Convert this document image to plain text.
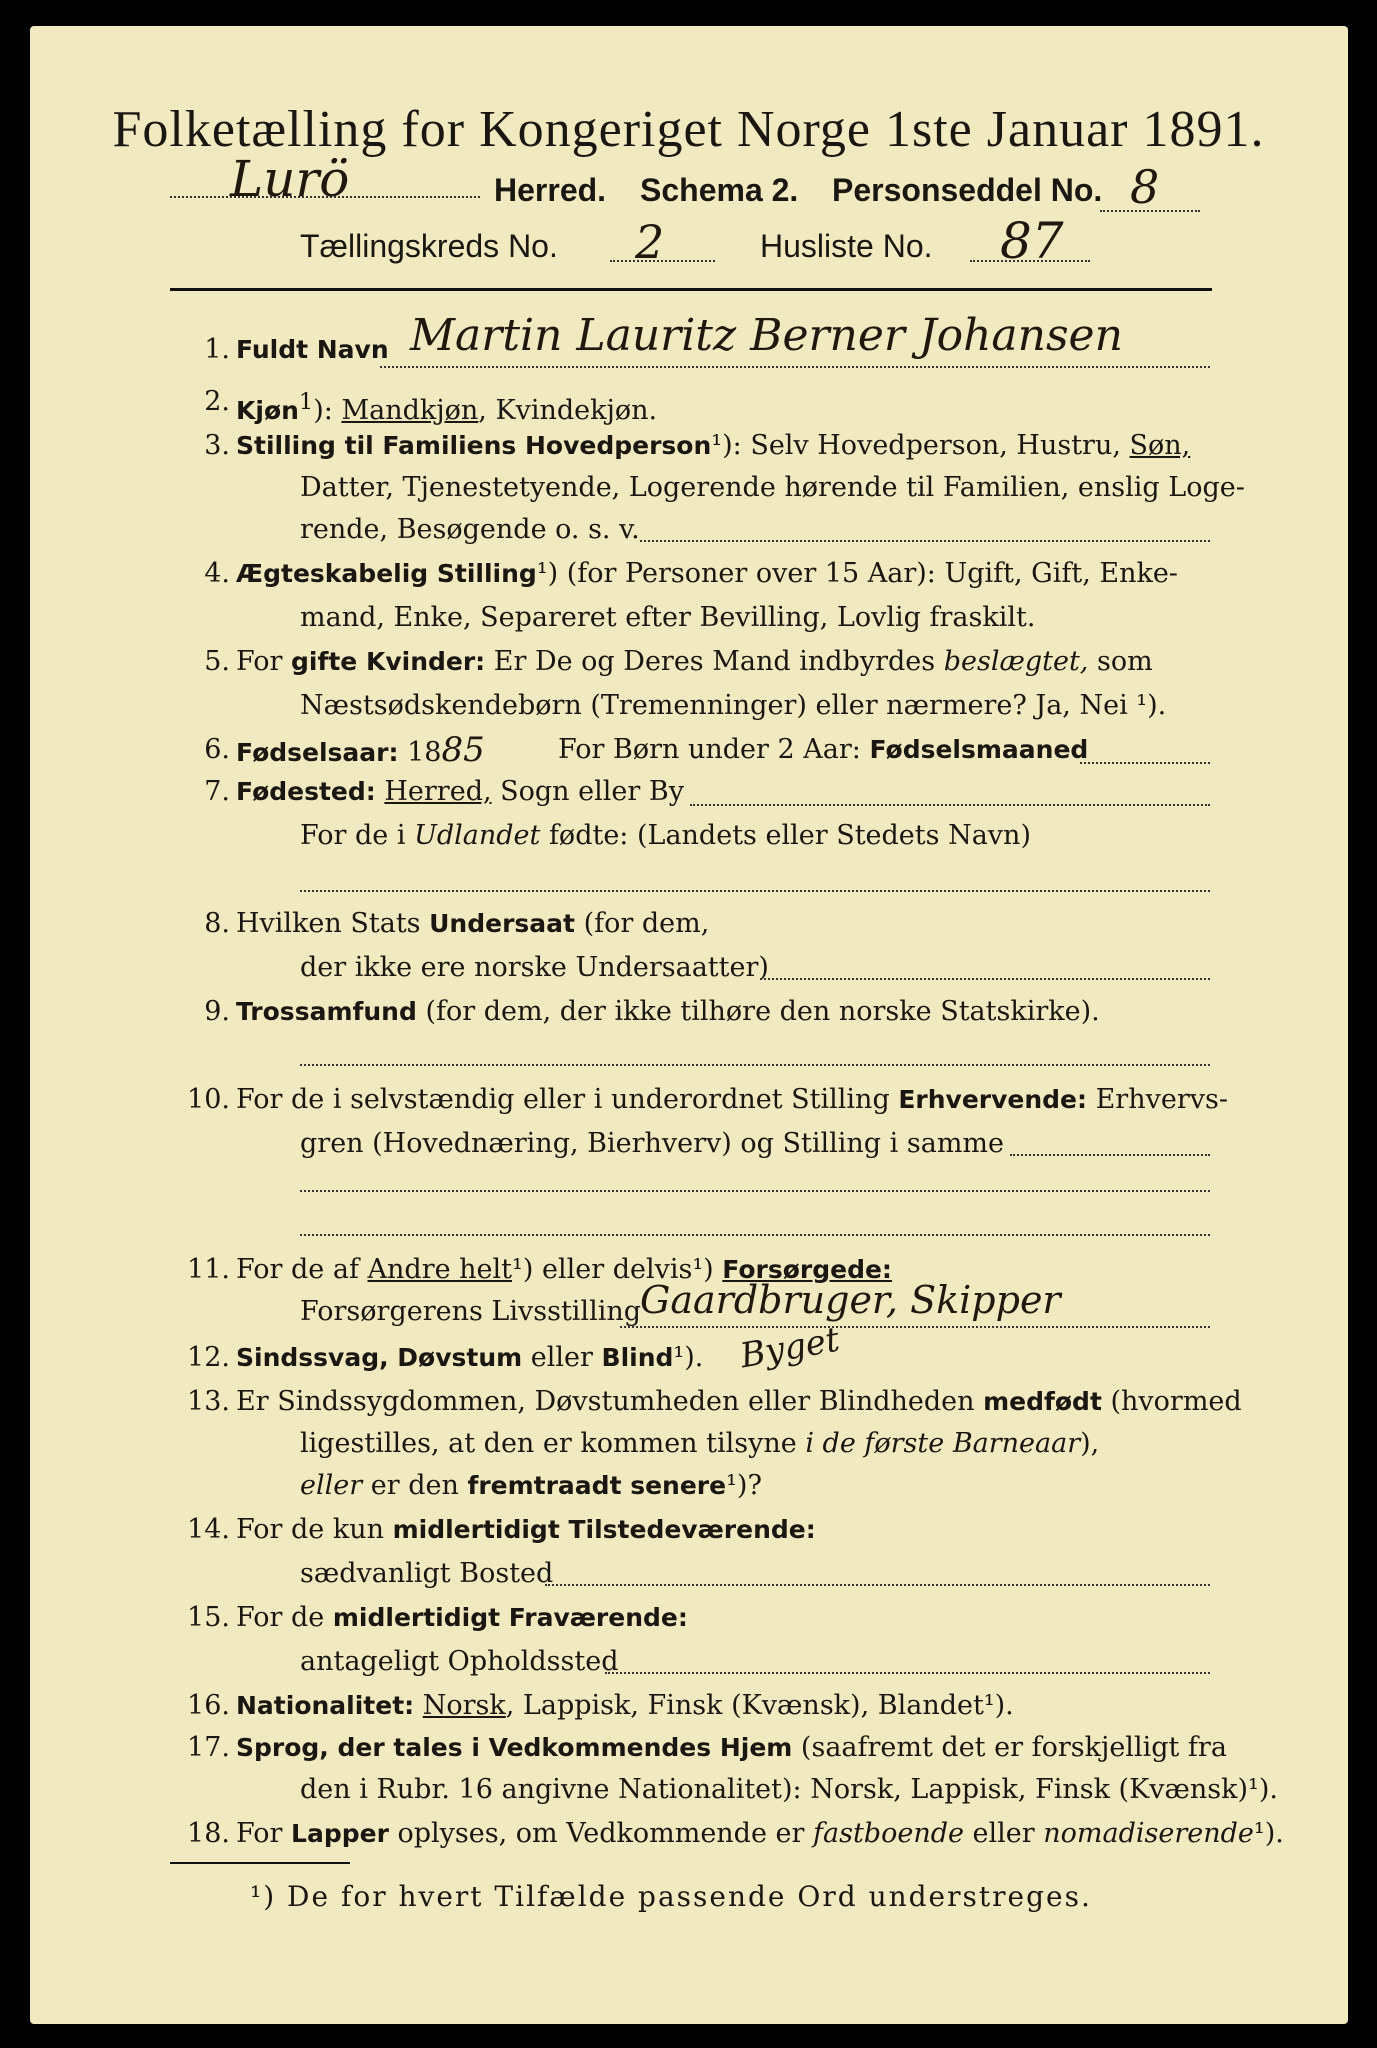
Folketælling for Kongeriget Norge 1ste Januar 1891.
Lurö	Herred. Schema 2. Personseddel No. 8
Tællingskreds No. 2	Husliste No. 87
1. Fuldt Navn Martin Lauritz Berner Johansen
2. Kjøn$^1$): Mandkjøn, Kvindekjøn.
3. Stilling til Familiens Hovedperson¹): Selv Hovedperson, Hustru, Søn,
Datter, Tjenestetyende, Logerende hørende til Familien, enslig Loge-
rende, Besøgende o. s. v.
4. Ægteskabelig Stilling¹) (for Personer over 15 Aar): Ugift, Gift, Enke-
mand, Enke, Separeret efter Bevilling, Lovlig fraskilt.
5. For gifte Kvinder: Er De og Deres Mand indbyrdes beslægtet, som
Næstsødskendebørn (Tremenninger) eller nærmere? Ja, Nei ¹).
6. Fødselsaar: 1885	For Børn under 2 Aar: Fødselsmaaned
7. Fødested: Herred, Sogn eller By
For de i Udlandet fødte: (Landets eller Stedets Navn)
8. Hvilken Stats Undersaat (for dem,
der ikke ere norske Undersaatter)
9. Trossamfund (for dem, der ikke tilhøre den norske Statskirke).
10. For de i selvstændig eller i underordnet Stilling Erhvervende: Erhvervs-
gren (Hovednæring, Bierhverv) og Stilling i samme
11. For de af Andre helt¹) eller delvis¹) Forsørgede:
Forsørgerens Livsstilling
Gaardbruger, Skipper
12. Sindssvag, Døvstum eller Blind¹). Byget
13. Er Sindssygdommen, Døvstumheden eller Blindheden medfødt (hvormed
ligestilles, at den er kommen tilsyne i de første Barneaar),
eller er den fremtraadt senere¹)?
14. For de kun midlertidigt Tilstedeværende:
sædvanligt Bosted
15. For de midlertidigt Fraværende:
antageligt Opholdssted
16. Nationalitet: Norsk, Lappisk, Finsk (Kvænsk), Blandet¹).
17. Sprog, der tales i Vedkommendes Hjem (saafremt det er forskjelligt fra
den i Rubr. 16 angivne Nationalitet): Norsk, Lappisk, Finsk (Kvænsk)¹).
18. For Lapper oplyses, om Vedkommende er fastboende eller nomadiserende¹).
¹) De for hvert Tilfælde passende Ord understreges.
